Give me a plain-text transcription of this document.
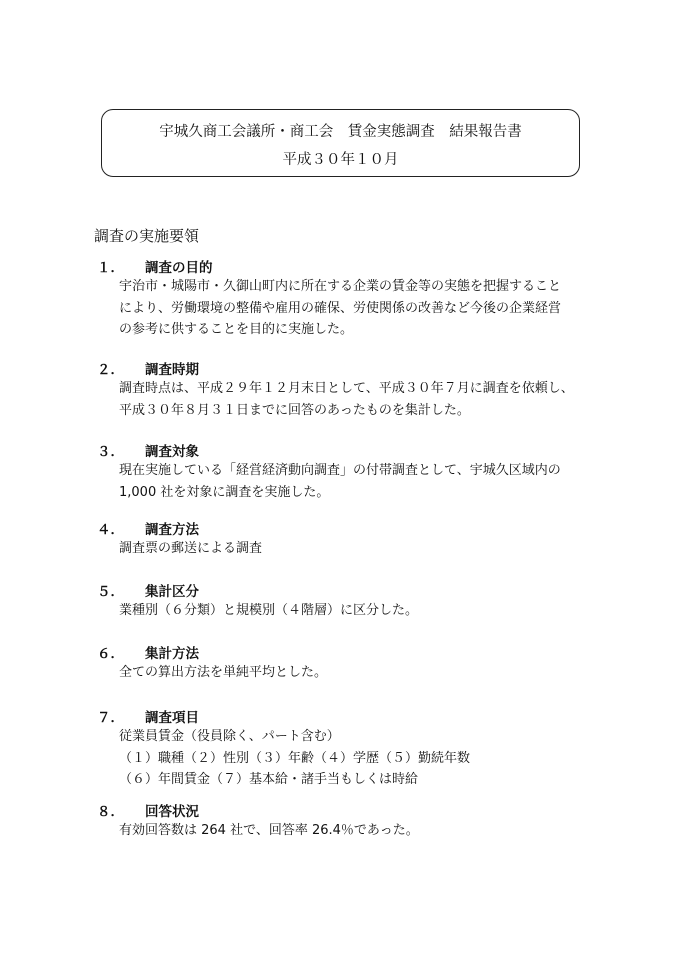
宇城久商工会議所・商工会　賃金実態調査　結果報告書
平成３０年１０月
調査の実施要領
１． 調査の目的
宇治市・城陽市・久御山町内に所在する企業の賃金等の実態を把握すること
により、労働環境の整備や雇用の確保、労使関係の改善など今後の企業経営
の参考に供することを目的に実施した。
２． 調査時期
調査時点は、平成２９年１２月末日として、平成３０年７月に調査を依頼し、
平成３０年８月３１日までに回答のあったものを集計した。
３． 調査対象
現在実施している「経営経済動向調査」の付帯調査として、宇城久区域内の
1,000 社を対象に調査を実施した。
４． 調査方法
調査票の郵送による調査
５． 集計区分
業種別（６分類）と規模別（４階層）に区分した。
６． 集計方法
全ての算出方法を単純平均とした。
７． 調査項目
従業員賃金（役員除く、パート含む）
（１）職種（２）性別（３）年齢（４）学歴（５）勤続年数
（６）年間賃金（７）基本給・諸手当もしくは時給
８． 回答状況
有効回答数は 264 社で、回答率 26.4％であった。
